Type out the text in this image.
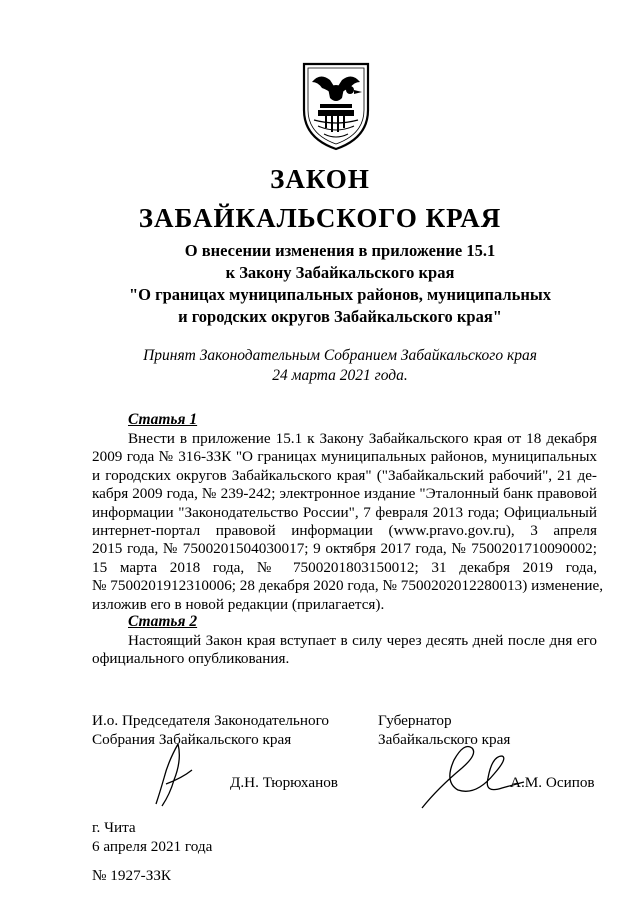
ЗАКОН
ЗАБАЙКАЛЬСКОГО КРАЯ
О внесении изменения в приложение 15.1
к Закону Забайкальского края
"О границах муниципальных районов, муниципальных
и городских округов Забайкальского края"
Принят Законодательным Собранием Забайкальского края
24 марта 2021 года.
Статья 1
Внести в приложение 15.1 к Закону Забайкальского края от 18 декабря
2009 года № 316-ЗЗК "О границах муниципальных районов, муниципальных
и городских округов Забайкальского края" ("Забайкальский рабочий", 21 де-
кабря 2009 года, № 239-242; электронное издание "Эталонный банк правовой
информации "Законодательство России", 7 февраля 2013 года; Официальный
интернет-портал правовой информации (www.pravo.gov.ru), 3 апреля
2015 года, № 7500201504030017; 9 октября 2017 года, № 7500201710090002;
15 марта 2018 года, № 7500201803150012; 31 декабря 2019 года,
№ 7500201912310006; 28 декабря 2020 года, № 7500202012280013) изменение,
изложив его в новой редакции (прилагается).
Статья 2
Настоящий Закон края вступает в силу через десять дней после дня его
официального опубликования.
И.о. Председателя Законодательного
Собрания Забайкальского края
Губернатор
Забайкальского края
Д.Н. Тюрюханов	А.М. Осипов
г. Чита
6 апреля 2021 года
№ 1927-ЗЗК
